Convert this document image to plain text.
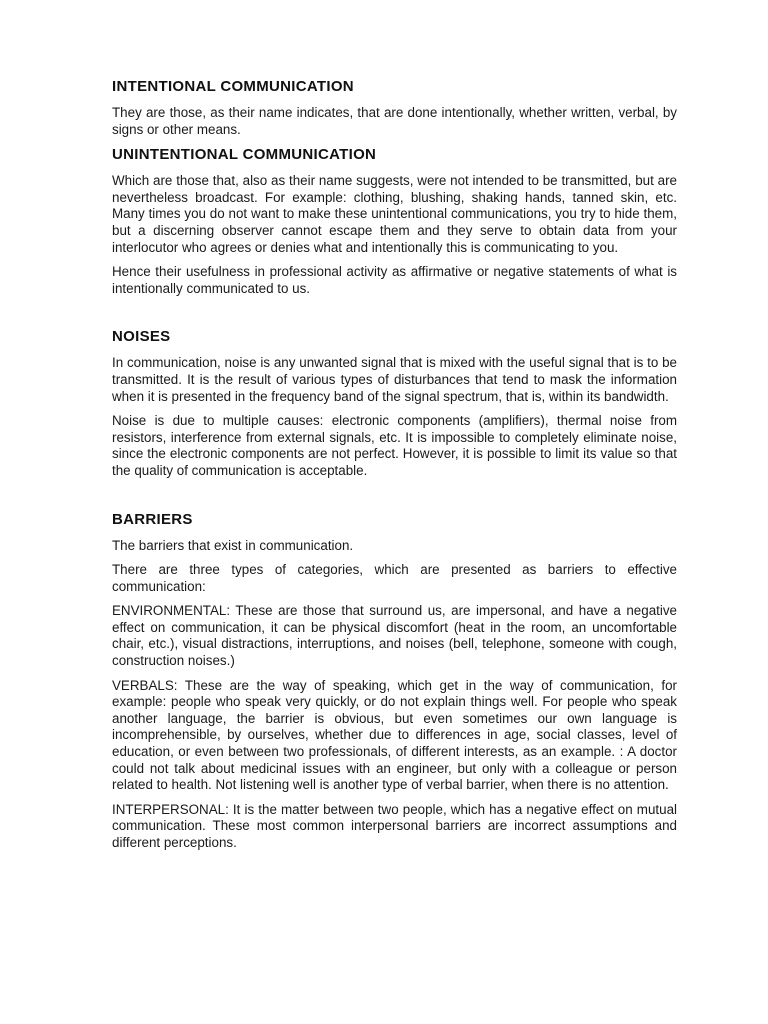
INTENTIONAL COMMUNICATION

They are those, as their name indicates, that are done intentionally, whether written, verbal, by signs or other means.

UNINTENTIONAL COMMUNICATION

Which are those that, also as their name suggests, were not intended to be transmitted, but are nevertheless broadcast. For example: clothing, blushing, shaking hands, tanned skin, etc. Many times you do not want to make these unintentional communications, you try to hide them, but a discerning observer cannot escape them and they serve to obtain data from your interlocutor who agrees or denies what and intentionally this is communicating to you.

Hence their usefulness in professional activity as affirmative or negative statements of what is intentionally communicated to us.

NOISES

In communication, noise is any unwanted signal that is mixed with the useful signal that is to be transmitted. It is the result of various types of disturbances that tend to mask the information when it is presented in the frequency band of the signal spectrum, that is, within its bandwidth.

Noise is due to multiple causes: electronic components (amplifiers), thermal noise from resistors, interference from external signals, etc. It is impossible to completely eliminate noise, since the electronic components are not perfect. However, it is possible to limit its value so that the quality of communication is acceptable.

BARRIERS

The barriers that exist in communication.

There are three types of categories, which are presented as barriers to effective communication:

ENVIRONMENTAL: These are those that surround us, are impersonal, and have a negative effect on communication, it can be physical discomfort (heat in the room, an uncomfortable chair, etc.), visual distractions, interruptions, and noises (bell, telephone, someone with cough, construction noises.)

VERBALS: These are the way of speaking, which get in the way of communication, for example: people who speak very quickly, or do not explain things well. For people who speak another language, the barrier is obvious, but even sometimes our own language is incomprehensible, by ourselves, whether due to differences in age, social classes, level of education, or even between two professionals, of different interests, as an example. : A doctor could not talk about medicinal issues with an engineer, but only with a colleague or person related to health. Not listening well is another type of verbal barrier, when there is no attention.

INTERPERSONAL: It is the matter between two people, which has a negative effect on mutual communication. These most common interpersonal barriers are incorrect assumptions and different perceptions.
